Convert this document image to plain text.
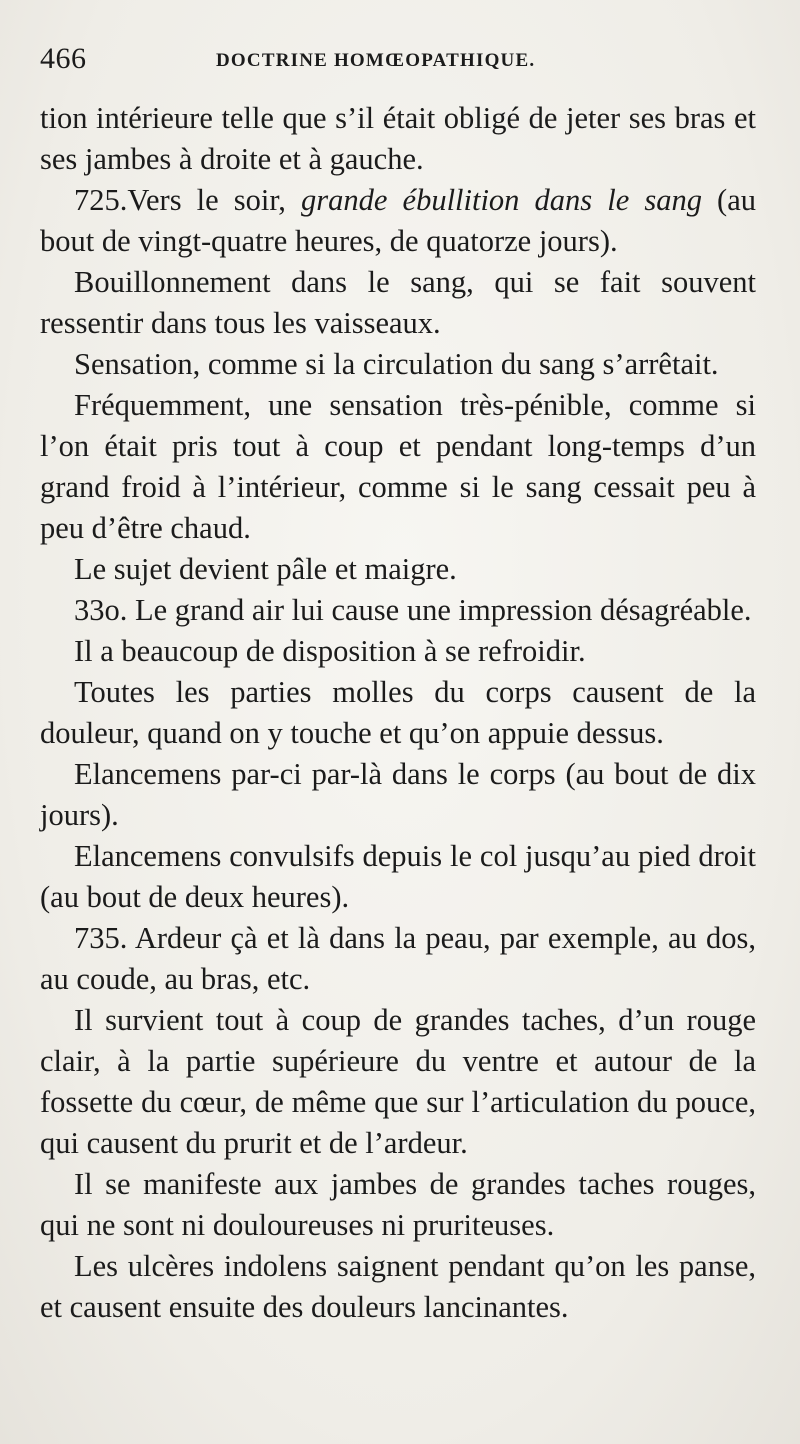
466	DOCTRINE HOMŒOPATHIQUE.

tion intérieure telle que s’il était obligé de jeter ses bras et ses jambes à droite et à gauche.

725.Vers le soir, grande ébullition dans le sang (au bout de vingt-quatre heures, de quatorze jours).

Bouillonnement dans le sang, qui se fait souvent ressentir dans tous les vaisseaux.

Sensation, comme si la circulation du sang s’arrêtait.

Fréquemment, une sensation très-pénible, comme si l’on était pris tout à coup et pendant long-temps d’un grand froid à l’intérieur, comme si le sang cessait peu à peu d’être chaud.

Le sujet devient pâle et maigre.

33o. Le grand air lui cause une impression désagréable.

Il a beaucoup de disposition à se refroidir.

Toutes les parties molles du corps causent de la douleur, quand on y touche et qu’on appuie dessus.

Elancemens par-ci par-là dans le corps (au bout de dix jours).

Elancemens convulsifs depuis le col jusqu’au pied droit (au bout de deux heures).

735. Ardeur çà et là dans la peau, par exemple, au dos, au coude, au bras, etc.

Il survient tout à coup de grandes taches, d’un rouge clair, à la partie supérieure du ventre et autour de la fossette du cœur, de même que sur l’articulation du pouce, qui causent du prurit et de l’ardeur.

Il se manifeste aux jambes de grandes taches rouges, qui ne sont ni douloureuses ni pruriteuses.

Les ulcères indolens saignent pendant qu’on les panse, et causent ensuite des douleurs lancinantes.
